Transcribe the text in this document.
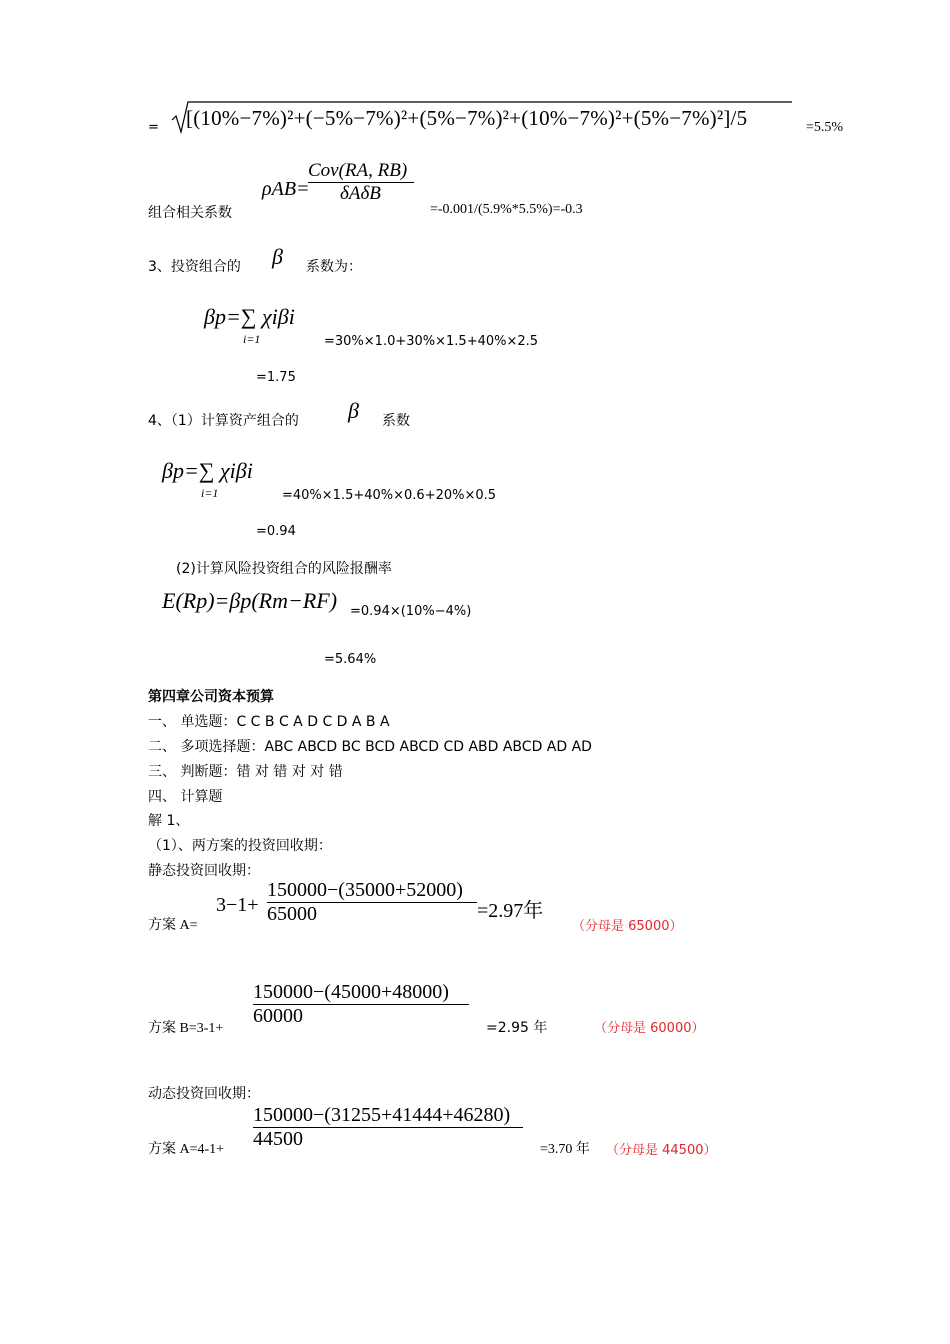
= [(10%−7%)²+(−5%−7%)²+(5%−7%)²+(10%−7%)²+(5%−7%)²]/5	=5.5%
组合相关系数
ρAB=
Cov(RA, RB)
δAδB
=-0.001/(5.9%*5.5%)=-0.3
3、投资组合的 β 系数为：
βp=∑ χiβi
i=1	=30%×1.0+30%×1.5+40%×2.5
=1.75
4、（1）计算资产组合的 β 系数
βp=∑ χiβi
i=1	=40%×1.5+40%×0.6+20%×0.5
=0.94
(2)计算风险投资组合的风险报酬率
E(Rp)=βp(Rm−RF) =0.94×(10%−4%)
=5.64%
第四章公司资本预算
一、 单选题：C C B C A D C D A B A
二、 多项选择题：ABC ABCD BC BCD ABCD CD ABD ABCD AD AD
三、 判断题：错 对 错 对 对 错
四、 计算题
解 1、
（1）、两方案的投资回收期：
静态投资回收期：
方案 A=
3−1+
150000−(35000+52000)
65000	=2.97年
（分母是 65000）
方案 B=3-1+
150000−(45000+48000)
60000
=2.95 年	（分母是 60000）
动态投资回收期：
方案 A=4-1+
150000−(31255+41444+46280)
44500	=3.70 年 （分母是 44500）
